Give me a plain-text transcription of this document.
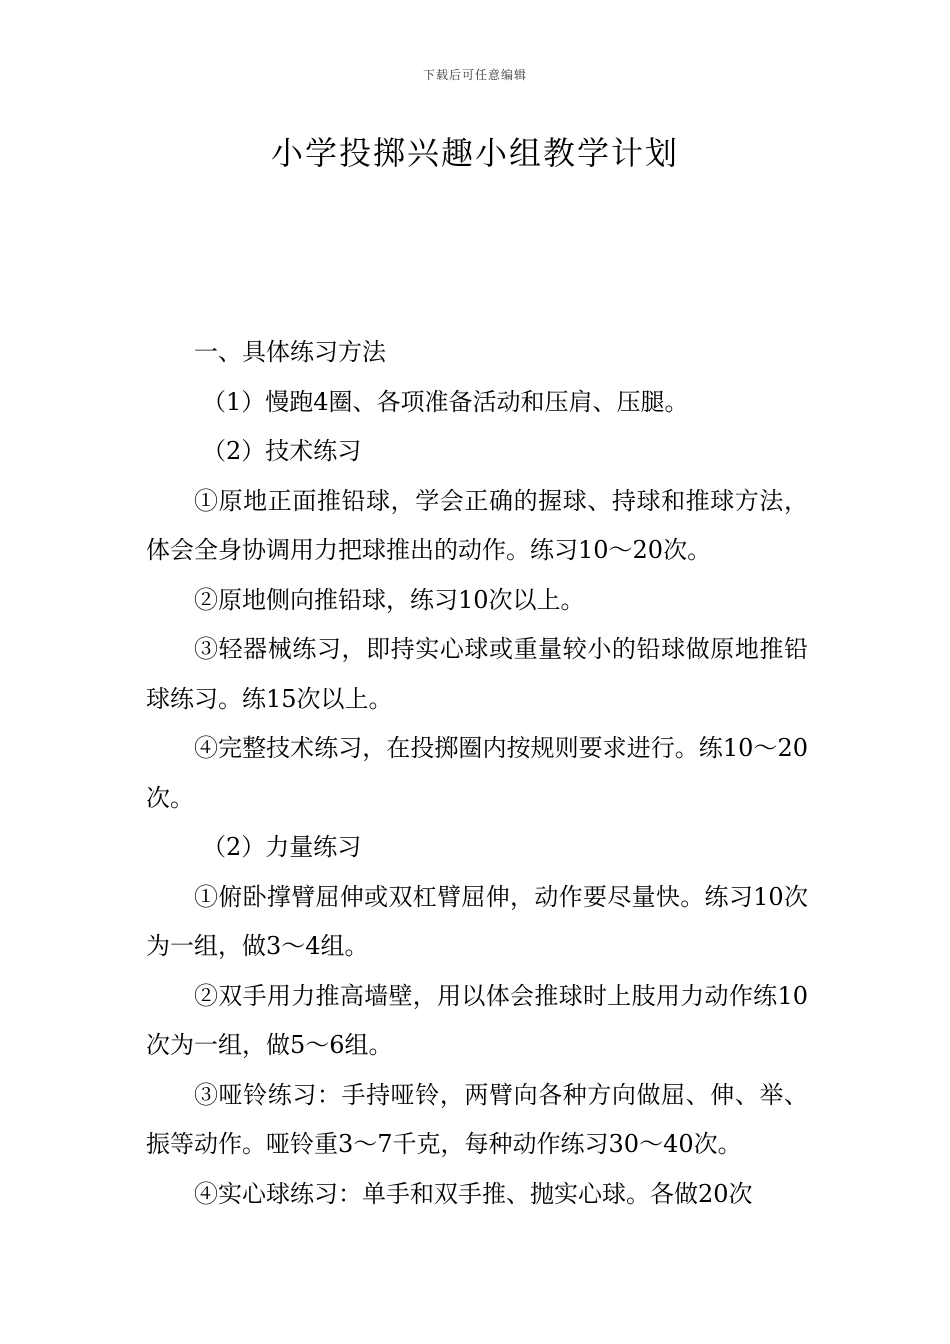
下载后可任意编辑
小学投掷兴趣小组教学计划

一、具体练习方法

（1）慢跑4圈、各项准备活动和压肩、压腿。

（2）技术练习

①原地正面推铅球，学会正确的握球、持球和推球方法，体会全身协调用力把球推出的动作。练习10～20次。

②原地侧向推铅球，练习10次以上。

③轻器械练习，即持实心球或重量较小的铅球做原地推铅球练习。练15次以上。

④完整技术练习，在投掷圈内按规则要求进行。练10～20次。

（2）力量练习

①俯卧撑臂屈伸或双杠臂屈伸，动作要尽量快。练习10次为一组，做3～4组。

②双手用力推高墙壁，用以体会推球时上肢用力动作练10次为一组，做5～6组。

③哑铃练习：手持哑铃，两臂向各种方向做屈、伸、举、振等动作。哑铃重3～7千克，每种动作练习30～40次。

④实心球练习：单手和双手推、抛实心球。各做20次
